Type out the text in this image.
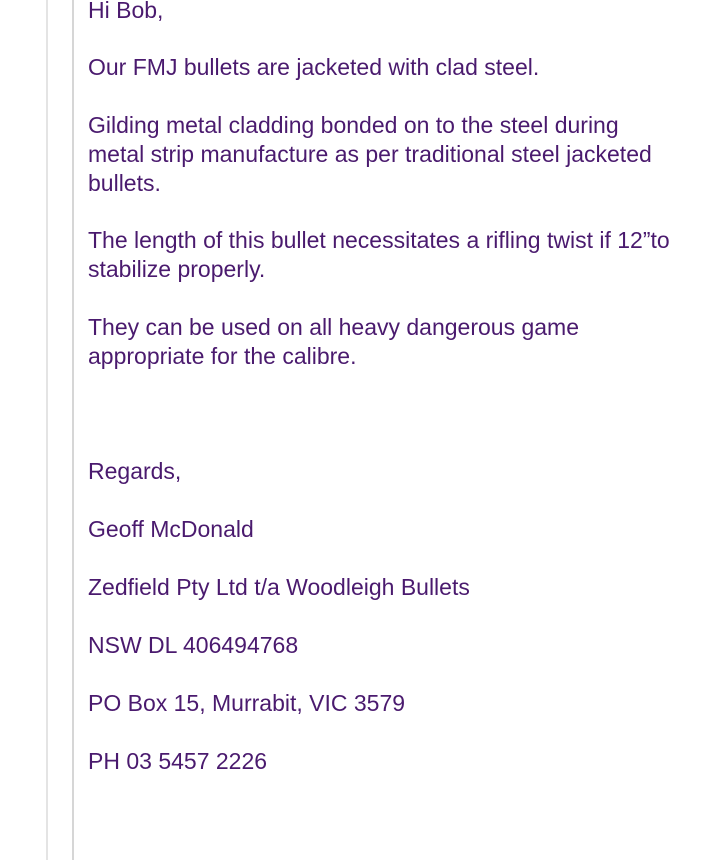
Hi Bob,

Our FMJ bullets are jacketed with clad steel.

Gilding metal cladding bonded on to the steel during metal strip manufacture as per traditional steel jacketed bullets.

The length of this bullet necessitates a rifling twist if 12”to stabilize properly.

They can be used on all heavy dangerous game appropriate for the calibre.

Regards,

Geoff McDonald

Zedfield Pty Ltd t/a Woodleigh Bullets

NSW DL 406494768

PO Box 15, Murrabit, VIC 3579

PH 03 5457 2226
